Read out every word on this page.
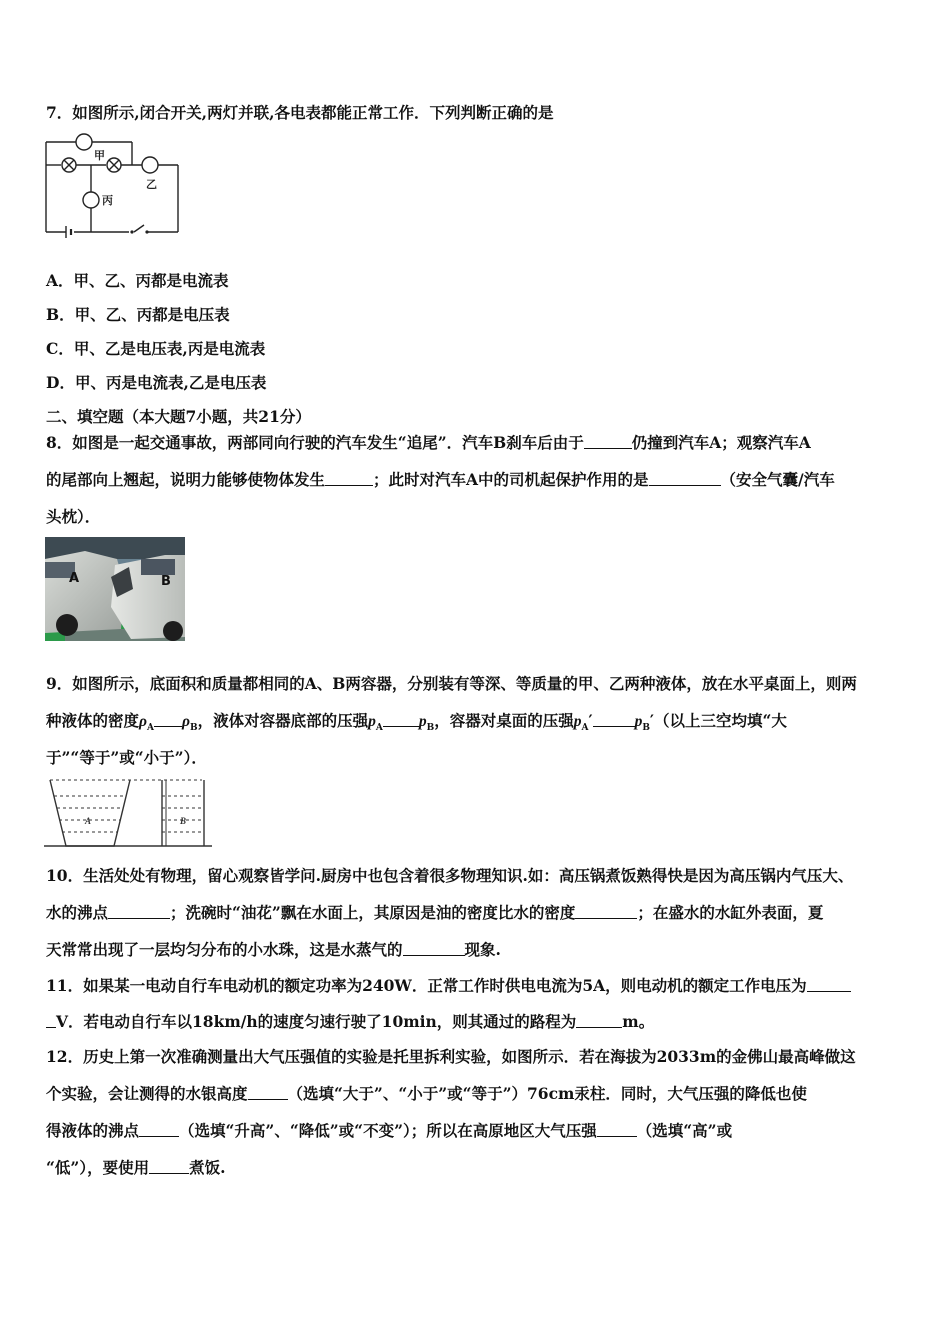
7．如图所示,闭合开关,两灯并联,各电表都能正常工作．下列判断正确的是
甲
乙
丙
A．甲、乙、丙都是电流表
B．甲、乙、丙都是电压表
C．甲、乙是电压表,丙是电流表
D．甲、丙是电流表,乙是电压表
二、填空题（本大题7小题，共21分）
8．如图是一起交通事故，两部同向行驶的汽车发生“追尾”．汽车B刹车后由于	仍撞到汽车A；观察汽车A
的尾部向上翘起，说明力能够使物体发生	；此时对汽车A中的司机起保护作用的是	（安全气囊/汽车
头枕）．
A	B
9．如图所示，底面积和质量都相同的A、B两容器，分别装有等深、等质量的甲、乙两种液体，放在水平桌面上，则两
种液体的密度$\rho_A$ $\rho_B$，液体对容器底部的压强$p_A$ $p_B$，容器对桌面的压强$p_A'$	$p_B'$（以上三空均填“大
于”“等于”或“小于”）．
A	B
10．生活处处有物理，留心观察皆学问.厨房中也包含着很多物理知识.如：高压锅煮饭熟得快是因为高压锅内气压大、
水的沸点	；洗碗时“油花”飘在水面上，其原因是油的密度比水的密度	；在盛水的水缸外表面，夏
天常常出现了一层均匀分布的小水珠，这是水蒸气的	现象.
11．如果某一电动自行车电动机的额定功率为240W．正常工作时供电电流为5A，则电动机的额定工作电压为
V．若电动自行车以18km/h的速度匀速行驶了10min，则其通过的路程为	m。
12．历史上第一次准确测量出大气压强值的实验是托里拆利实验，如图所示．若在海拔为2033m的金佛山最高峰做这
个实验，会让测得的水银高度	（选填“大于”、“小于”或“等于”）76cm汞柱．同时，大气压强的降低也使
得液体的沸点	（选填“升高”、“降低”或“不变”）；所以在高原地区大气压强	（选填“高”或
“低”），要使用	煮饭.
